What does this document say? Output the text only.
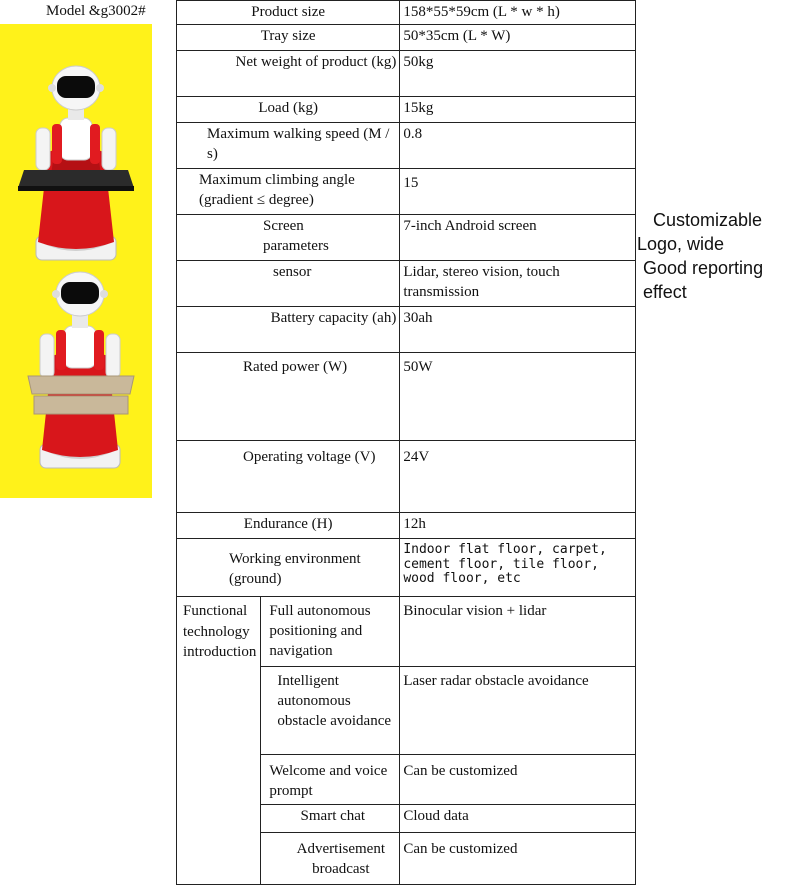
Model &g3002#	Product size		158*55*59cm (L * w * h)
Tray size		50*35cm (L * W)
Net weight of product (kg)		50kg
Load (kg)		15kg
Maximum walking speed (M / s)		0.8
Maximum climbing angle (gradient ≤ degree)		15
Screen parameters		7-inch Android screen
sensor		Lidar, stereo vision, touch transmission
Battery capacity (ah)		30ah
Rated power (W)		50W
Operating voltage (V)		24V
Endurance (H)		12h
Working environment (ground)		Indoor flat floor, carpet, cement floor, tile floor, wood floor, etc
Functional technology introduction	Full autonomous positioning and navigation	Binocular vision + lidar
	Intelligent autonomous obstacle avoidance	Laser radar obstacle avoidance
	Welcome and voice prompt	Can be customized
	Smart chat	Cloud data
	Advertisement broadcast	Can be customized
Customizable
Logo, wide
Good reporting
effect
